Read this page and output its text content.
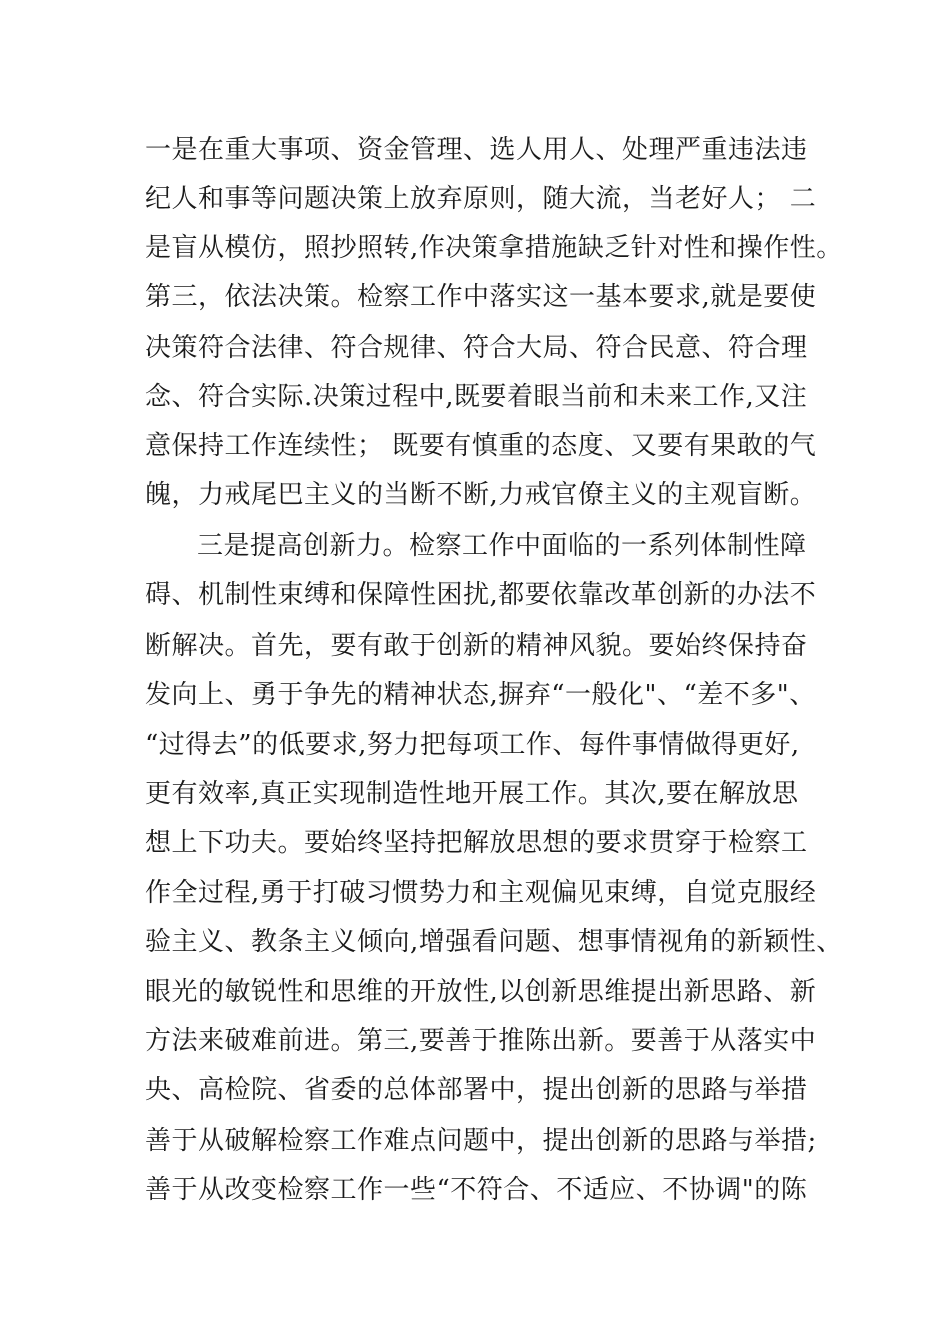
一是在重大事项、资金管理、选人用人、处理严重违法违
纪人和事等问题决策上放弃原则，随大流，当老好人； 二
是盲从模仿，照抄照转,作决策拿措施缺乏针对性和操作性。
第三，依法决策。检察工作中落实这一基本要求,就是要使
决策符合法律、符合规律、符合大局、符合民意、符合理
念、符合实际.决策过程中,既要着眼当前和未来工作,又注
意保持工作连续性； 既要有慎重的态度、又要有果敢的气
魄，力戒尾巴主义的当断不断,力戒官僚主义的主观盲断。
三是提高创新力。检察工作中面临的一系列体制性障
碍、机制性束缚和保障性困扰,都要依靠改革创新的办法不
断解决。首先，要有敢于创新的精神风貌。要始终保持奋
发向上、勇于争先的精神状态,摒弃“一般化"、“差不多"、
“过得去”的低要求,努力把每项工作、每件事情做得更好,
更有效率,真正实现制造性地开展工作。其次,要在解放思
想上下功夫。要始终坚持把解放思想的要求贯穿于检察工
作全过程,勇于打破习惯势力和主观偏见束缚，自觉克服经
验主义、教条主义倾向,增强看问题、想事情视角的新颖性、
眼光的敏锐性和思维的开放性,以创新思维提出新思路、新
方法来破难前进。第三,要善于推陈出新。要善于从落实中
央、高检院、省委的总体部署中，提出创新的思路与举措
善于从破解检察工作难点问题中，提出创新的思路与举措;
善于从改变检察工作一些“不符合、不适应、不协调"的陈
